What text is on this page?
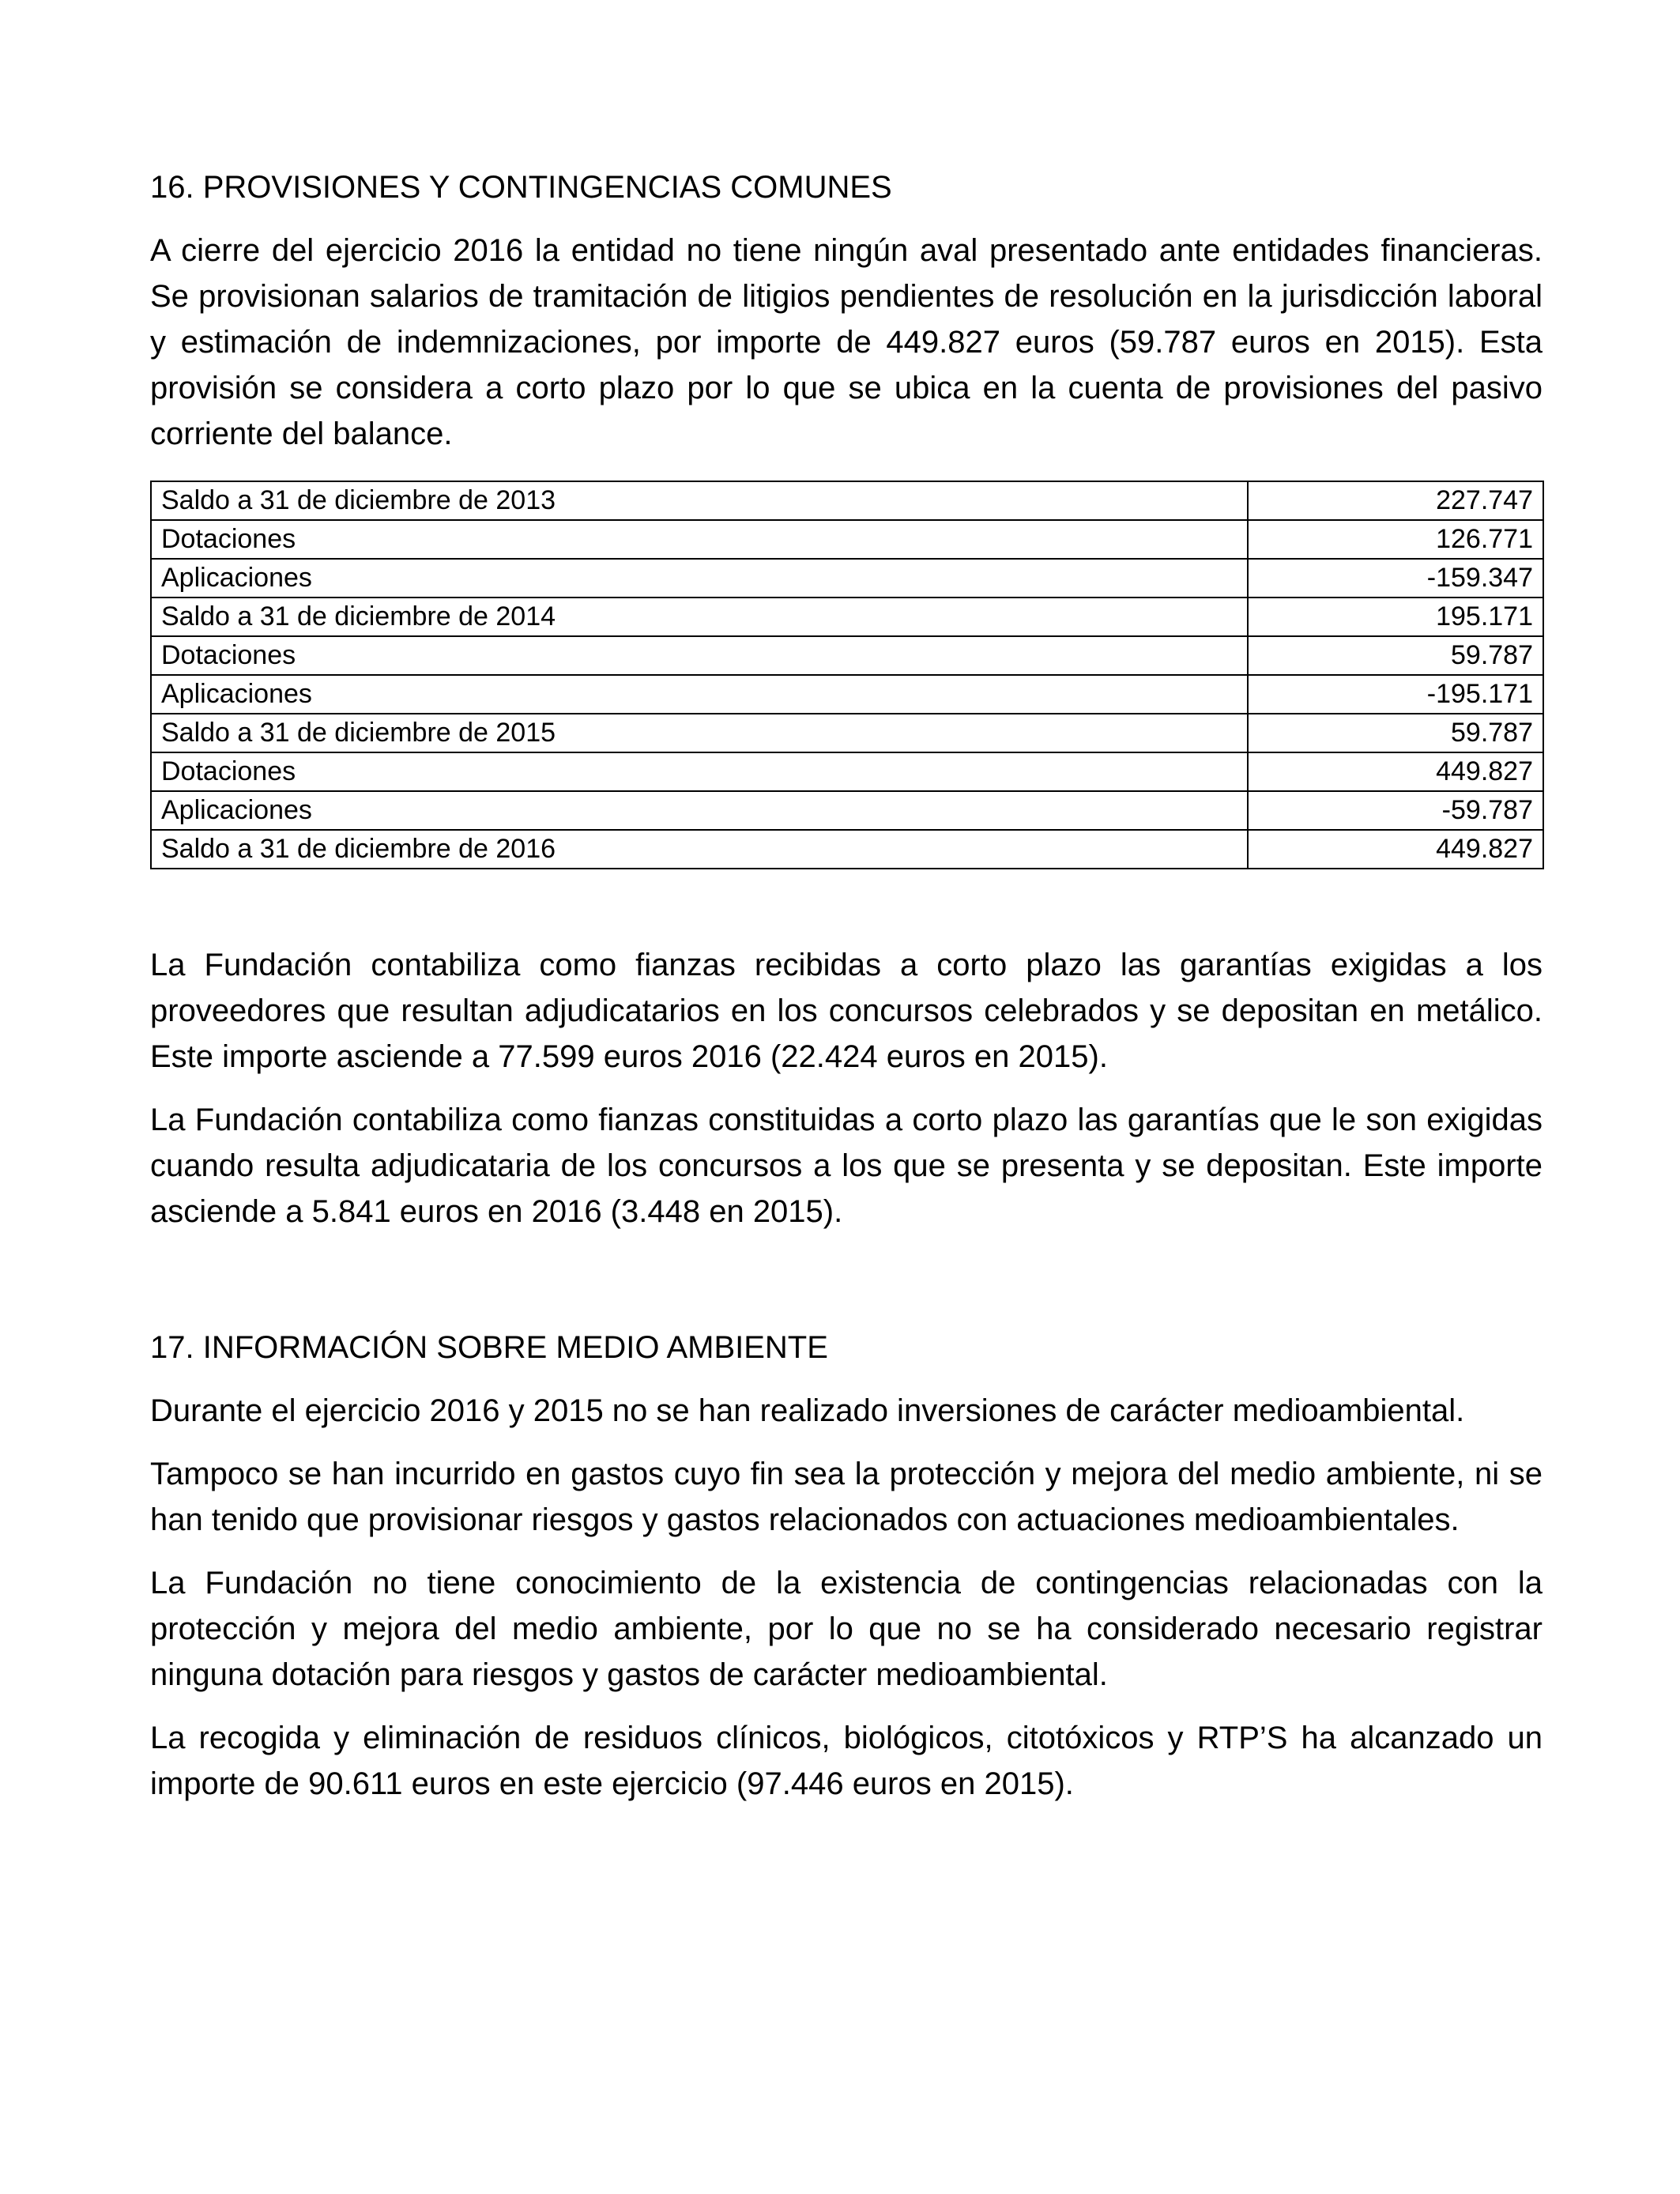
16. PROVISIONES Y CONTINGENCIAS COMUNES

A cierre del ejercicio 2016 la entidad no tiene ningún aval presentado ante entidades financieras. Se provisionan salarios de tramitación de litigios pendientes de resolución en la jurisdicción laboral y estimación de indemnizaciones, por importe de 449.827 euros (59.787 euros en 2015). Esta provisión se considera a corto plazo por lo que se ubica en la cuenta de provisiones del pasivo corriente del balance.

Saldo a 31 de diciembre de 2013	227.747
Dotaciones	126.771
Aplicaciones	-159.347
Saldo a 31 de diciembre de 2014	195.171
Dotaciones	59.787
Aplicaciones	-195.171
Saldo a 31 de diciembre de 2015	59.787
Dotaciones	449.827
Aplicaciones	-59.787
Saldo a 31 de diciembre de 2016	449.827

La Fundación contabiliza como fianzas recibidas a corto plazo las garantías exigidas a los proveedores que resultan adjudicatarios en los concursos celebrados y se depositan en metálico. Este importe asciende a 77.599 euros 2016 (22.424 euros en 2015).

La Fundación contabiliza como fianzas constituidas a corto plazo las garantías que le son exigidas cuando resulta adjudicataria de los concursos a los que se presenta y se depositan. Este importe asciende a 5.841 euros en 2016 (3.448 en 2015).

17. INFORMACIÓN SOBRE MEDIO AMBIENTE

Durante el ejercicio 2016 y 2015 no se han realizado inversiones de carácter medioambiental.

Tampoco se han incurrido en gastos cuyo fin sea la protección y mejora del medio ambiente, ni se han tenido que provisionar riesgos y gastos relacionados con actuaciones medioambientales.

La Fundación no tiene conocimiento de la existencia de contingencias relacionadas con la protección y mejora del medio ambiente, por lo que no se ha considerado necesario registrar ninguna dotación para riesgos y gastos de carácter medioambiental.

La recogida y eliminación de residuos clínicos, biológicos, citotóxicos y RTP’S ha alcanzado un importe de 90.611 euros en este ejercicio (97.446 euros en 2015).
